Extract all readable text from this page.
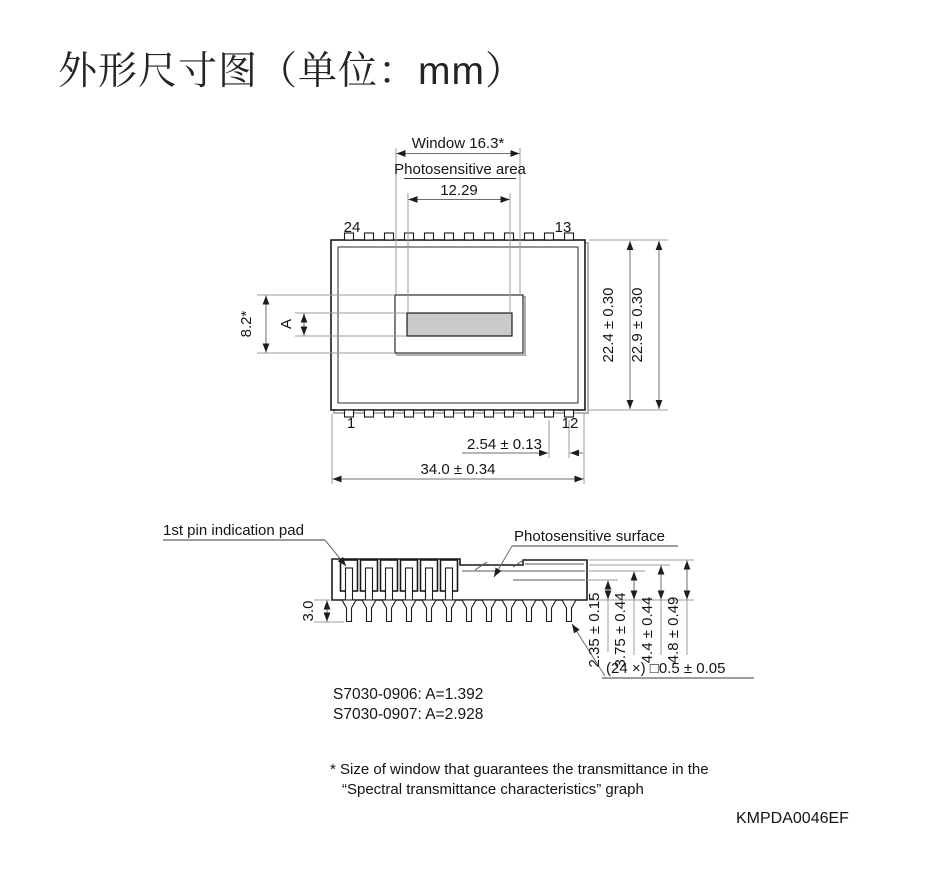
外形尺寸图（单位：mm）
Window 16.3*
Photosensitive area
12.29
24	13
1	12
8.2* A	22.4 ± 0.30 22.9 ± 0.30
2.54 ± 0.13
34.0 ± 0.34
1st pin indication pad	Photosensitive surface
3.0	2.35 ± 0.15 3.75 ± 0.44 4.4 ± 0.44 4.8 ± 0.49
(24 ×) □0.5 ± 0.05
S7030-0906: A=1.392
S7030-0907: A=2.928
* Size of window that guarantees the transmittance in the
“Spectral transmittance characteristics” graph
KMPDA0046EF
